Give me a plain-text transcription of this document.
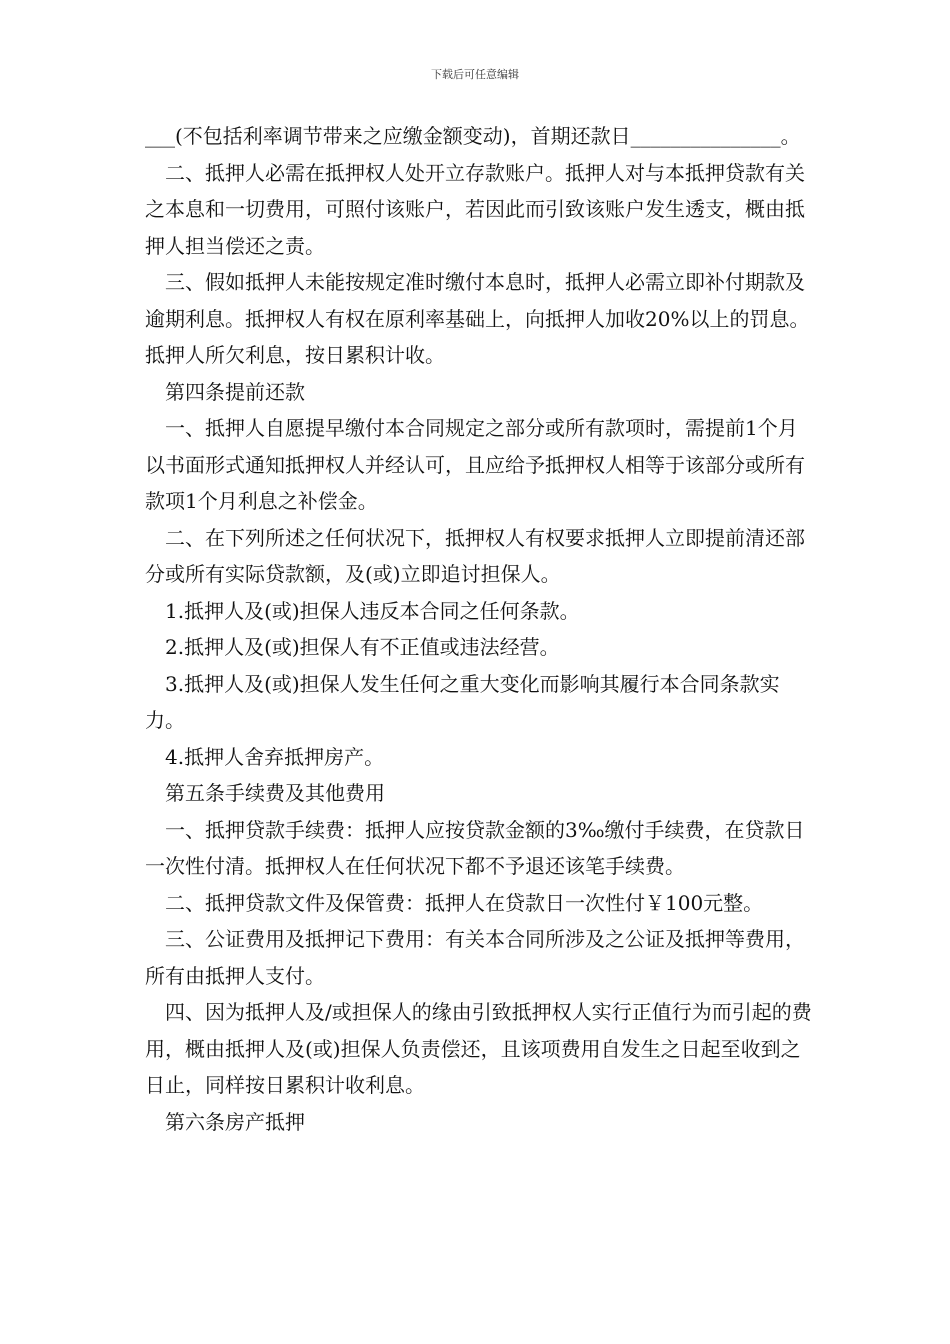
下载后可任意编辑

___(不包括利率调节带来之应缴金额变动)，首期还款日_______________。

二、抵押人必需在抵押权人处开立存款账户。抵押人对与本抵押贷款有关之本息和一切费用，可照付该账户，若因此而引致该账户发生透支，概由抵押人担当偿还之责。

三、假如抵押人未能按规定准时缴付本息时，抵押人必需立即补付期款及逾期利息。抵押权人有权在原利率基础上，向抵押人加收20%以上的罚息。抵押人所欠利息，按日累积计收。

第四条提前还款

一、抵押人自愿提早缴付本合同规定之部分或所有款项时，需提前1个月以书面形式通知抵押权人并经认可，且应给予抵押权人相等于该部分或所有款项1个月利息之补偿金。

二、在下列所述之任何状况下，抵押权人有权要求抵押人立即提前清还部分或所有实际贷款额，及(或)立即追讨担保人。

1.抵押人及(或)担保人违反本合同之任何条款。

2.抵押人及(或)担保人有不正值或违法经营。

3.抵押人及(或)担保人发生任何之重大变化而影响其履行本合同条款实力。

4.抵押人舍弃抵押房产。

第五条手续费及其他费用

一、抵押贷款手续费：抵押人应按贷款金额的3‰缴付手续费，在贷款日一次性付清。抵押权人在任何状况下都不予退还该笔手续费。

二、抵押贷款文件及保管费：抵押人在贷款日一次性付￥100元整。

三、公证费用及抵押记下费用：有关本合同所涉及之公证及抵押等费用，所有由抵押人支付。

四、因为抵押人及/或担保人的缘由引致抵押权人实行正值行为而引起的费用，概由抵押人及(或)担保人负责偿还，且该项费用自发生之日起至收到之日止，同样按日累积计收利息。

第六条房产抵押
